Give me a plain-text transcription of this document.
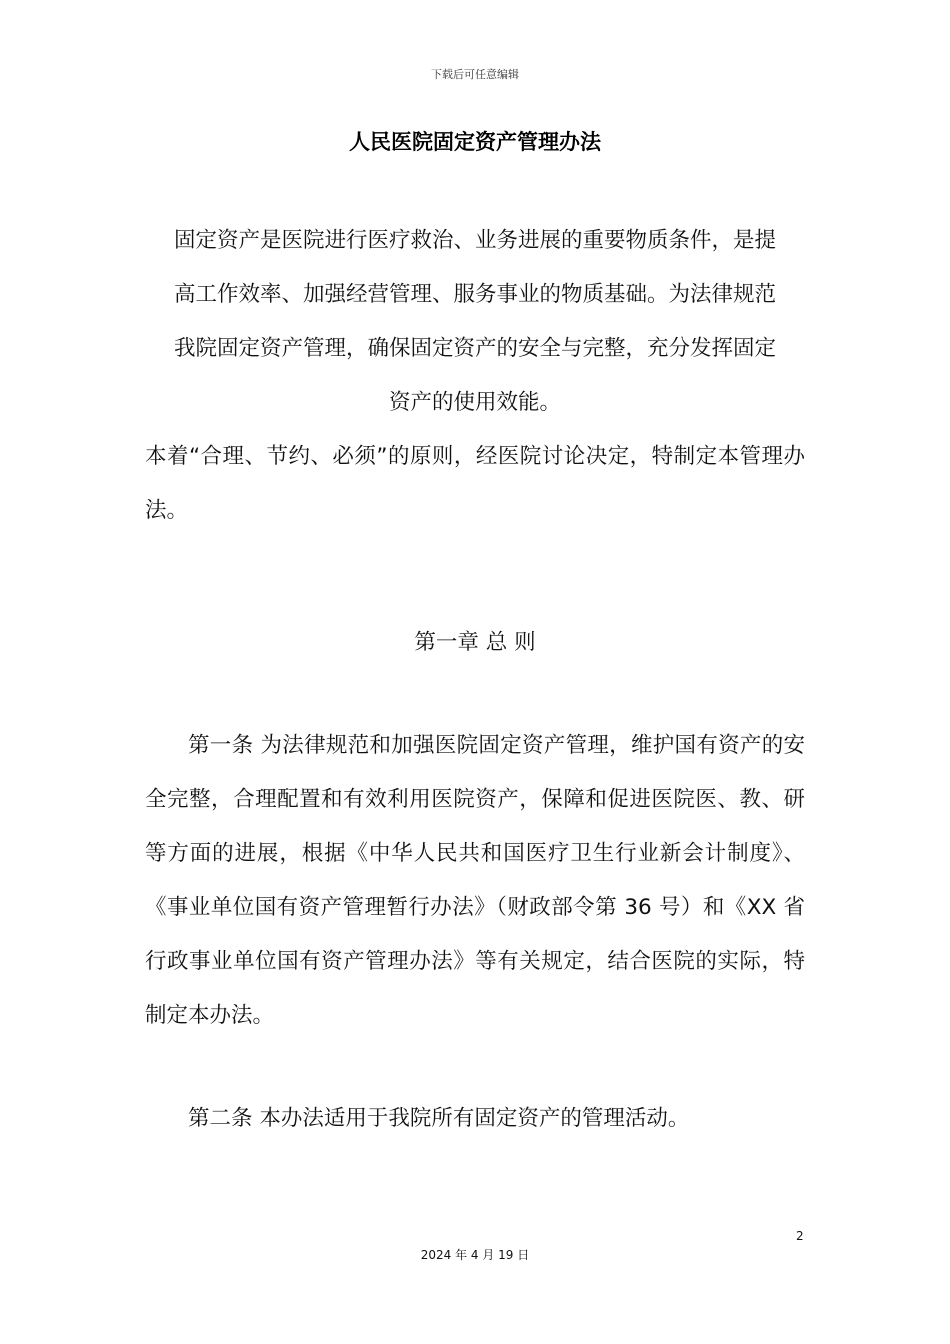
下载后可任意编辑
人民医院固定资产管理办法

固定资产是医院进行医疗救治、业务进展的重要物质条件，是提

高工作效率、加强经营管理、服务事业的物质基础。为法律规范

我院固定资产管理，确保固定资产的安全与完整，充分发挥固定

资产的使用效能。

本着“合理、节约、必须”的原则，经医院讨论决定，特制定本管理办法。

第一章 总 则

第一条 为法律规范和加强医院固定资产管理，维护国有资产的安全完整，合理配置和有效利用医院资产，保障和促进医院医、教、研等方面的进展，根据《中华人民共和国医疗卫生行业新会计制度》、《事业单位国有资产管理暂行办法》（财政部令第 36 号）和《XX 省行政事业单位国有资产管理办法》等有关规定，结合医院的实际，特制定本办法。

第二条 本办法适用于我院所有固定资产的管理活动。

2
2024 年 4 月 19 日
